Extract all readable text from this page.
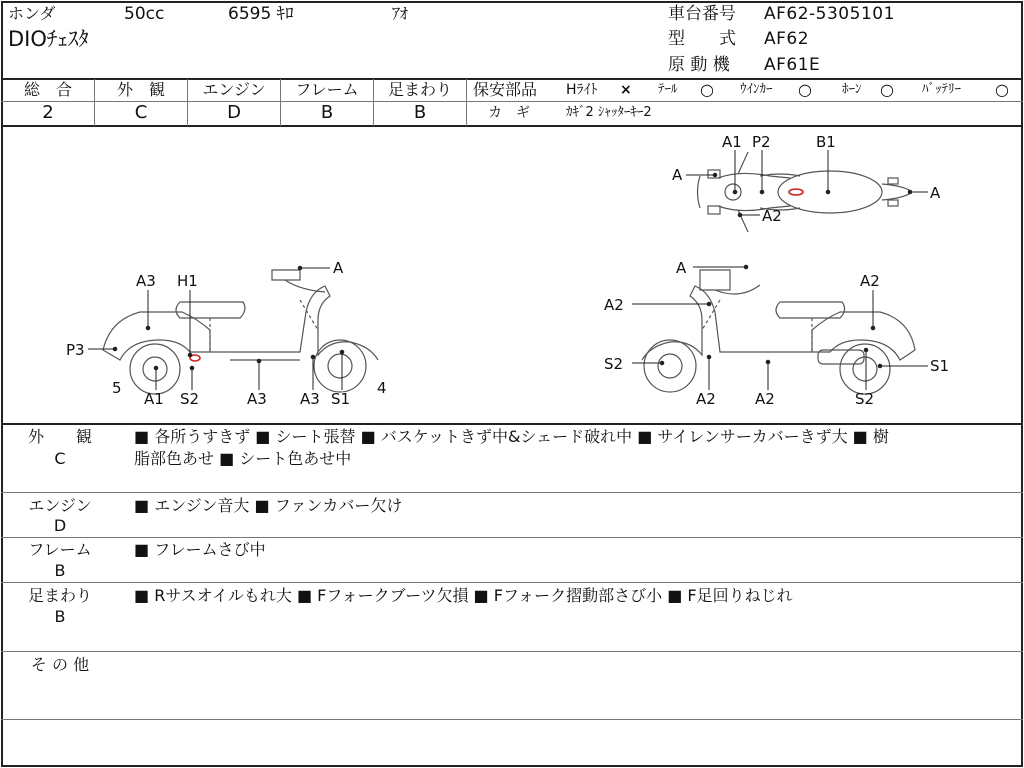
ホンダ	50cc	6595 ｷﾛ	ｱｵ
DIOﾁｪｽﾀ
車台番号 AF62-5305101
型　　式 AF62
原 動 機 AF61E
総　合
2
外　観
C
エンジン
D
フレーム
B
足まわり
B
保安部品 Hﾗｲﾄ × ﾃｰﾙ ○ ｳｲﾝｶｰ ○ ﾎｰﾝ ○ ﾊﾞｯﾃﾘｰ ○
カ　ギ	ｶｷﾞ2 ｼｬｯﾀｰｷｰ2
A
A1 P2	B1
A
A2
A
A3 H1
P3
5
A1 S2	A3 A3 S1
4
A
A2
A2
S2	S1
A2	A2	S2
外　　観
C
■ 各所うすきず ■ シート張替 ■ バスケットきず中&シェード破れ中 ■ サイレンサーカバーきず大 ■ 樹
脂部色あせ ■ シート色あせ中
エンジン
D
■ エンジン音大 ■ ファンカバー欠け
フレーム
B
■ フレームさび中
足まわり
B
■ Rサスオイルもれ大 ■ Fフォークブーツ欠損 ■ Fフォーク摺動部さび小 ■ F足回りねじれ
そ の 他
